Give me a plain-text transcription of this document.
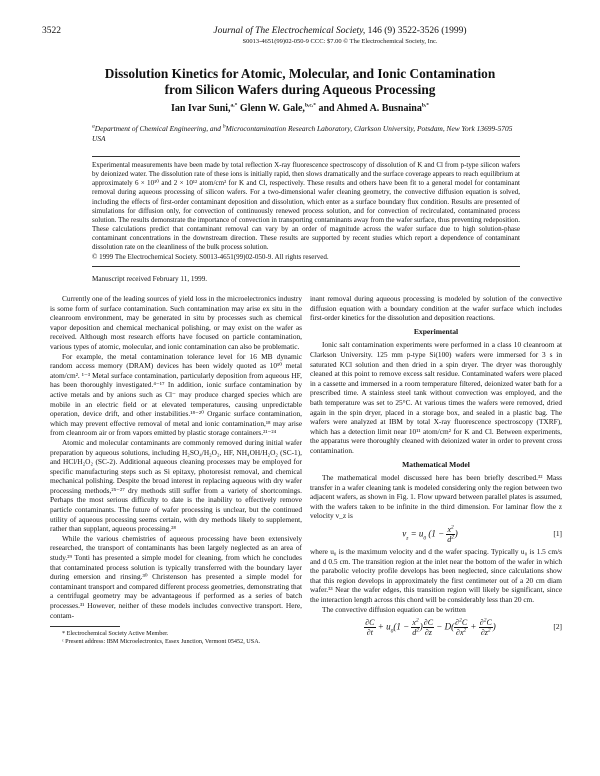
3522	Journal of The Electrochemical Society, 146 (9) 3522-3526 (1999)
S0013-4651(99)02-050-9 CCC: $7.00 © The Electrochemical Society, Inc.
Dissolution Kinetics for Atomic, Molecular, and Ionic Contamination
from Silicon Wafers during Aqueous Processing
Ian Ivar Suni,$^{a,*}$ Glenn W. Gale,$^{b,c,*}$ and Ahmed A. Busnaina$^{b,*}$
$^a$Department of Chemical Engineering, and $^b$Microcontamination Research Laboratory, Clarkson University, Potsdam, New York 13699-5705 USA
Experimental measurements have been made by total reflection X-ray fluorescence spectroscopy of dissolution of K and Cl from p-type silicon wafers by deionized water. The dissolution rate of these ions is initially rapid, then slows dramatically and the surface coverage appears to reach equilibrium at approximately 6 × 10¹⁰ and 2 × 10¹² atom/cm² for K and Cl, respectively. These results and others have been fit to a general model for contaminant removal during aqueous processing of silicon wafers. For a two-dimensional wafer cleaning geometry, the convective diffusion equation is solved, including the effects of first-order contaminant deposition and dissolution, which enter as a surface boundary flux condition. Results are presented of simulations for diffusion only, for convection of continuously renewed process solution, and for convection of recirculated, contaminated process solution. The results demonstrate the importance of convection in transporting contaminants away from the wafer surface, thus preventing redeposition. These calculations predict that contaminant removal can vary by an order of magnitude across the wafer surface due to high solution-phase contaminant concentrations in the downstream direction. These results are supported by recent studies which report a dependence of contaminant dissolution rate on the cleanliness of the bulk process solution.
© 1999 The Electrochemical Society. S0013-4651(99)02-050-9. All rights reserved.
Manuscript received February 11, 1999.

Currently one of the leading sources of yield loss in the microelectronics industry is some form of surface contamination. Such contamination may arise ex situ in the cleanroom environment, may be generated in situ by processes such as chemical vapor deposition and chemical mechanical polishing, or may exist on the wafer as received. Although most research efforts have focused on particle contamination, various types of atomic, molecular, and ionic contamination can also be problematic.

For example, the metal contamination tolerance level for 16 MB dynamic random access memory (DRAM) devices has been widely quoted as 10¹⁰ metal atom/cm². ¹⁻³ Metal surface contamination, particularly deposition from aqueous HF, has been thoroughly investigated.⁴⁻¹⁷ In addition, ionic surface contamination by active metals and by anions such as Cl⁻ may produce charged species which are mobile in an electric field or at elevated temperatures, causing unpredictable operation, device drift, and other instabilities.¹⁸⁻²⁰ Organic surface contamination, which may prevent effective removal of metal and ionic contamination,¹⁸ may arise from cleanroom air or from vapors emitted by plastic storage containers.²¹⁻²⁴

Atomic and molecular contaminants are commonly removed during initial wafer preparation by aqueous solutions, including H₂SO₄/H₂O₂, HF, NH₄OH/H₂O₂ (SC-1), and HCl/H₂O₂ (SC-2). Additional aqueous cleaning processes may be employed for specific manufacturing steps such as Si epitaxy, photoresist removal, and chemical mechanical polishing. Despite the broad interest in replacing aqueous with dry wafer processing methods,²⁵⁻²⁷ dry methods still suffer from a variety of shortcomings. Perhaps the most serious difficulty to date is the inability to effectively remove particle contaminants. The future of wafer processing is unclear, but the continued utility of aqueous processing seems certain, with dry methods likely to supplement, rather than supplant, aqueous processing.²⁸

While the various chemistries of aqueous processing have been extensively researched, the transport of contaminants has been largely neglected as an area of study.²⁹ Tonti has presented a simple model for cleaning, from which he concludes that contaminated process solution is typically transferred with the boundary layer during emersion and rinsing.³⁰ Christenson has presented a simple model for contaminant transport and compared different process geometries, demonstrating that a centrifugal geometry may be advantageous if performed as a series of batch processes.³¹ However, neither of these models includes convective transport. Here, contam-

* Electrochemical Society Active Member.

ᶜ Present address: IBM Microelectronics, Essex Junction, Vermont 05452, USA.

inant removal during aqueous processing is modeled by solution of the convective diffusion equation with a boundary condition at the wafer surface which includes first-order kinetics for the dissolution and deposition reactions.

Experimental

Ionic salt contamination experiments were performed in a class 10 cleanroom at Clarkson University. 125 mm p-type Si(100) wafers were immersed for 3 s in saturated KCl solution and then dried in a spin dryer. The dryer was thoroughly cleaned at this point to remove excess salt residue. Contaminated wafers were placed in a cassette and immersed in a room temperature filtered, deionized water bath for a prescribed time. A stainless steel tank without convection was employed, and the bath temperature was set to 25°C. At various times the wafers were removed, dried again in the spin dryer, placed in a storage box, and sealed in a plastic bag. The wafers were analyzed at IBM by total X-ray fluorescence spectroscopy (TXRF), which has a detection limit near 10¹¹ atom/cm² for K and Cl. Between experiments, the apparatus were thoroughly cleaned with deionized water in order to prevent cross contamination.

Mathematical Model

The mathematical model discussed here has been briefly described.³² Mass transfer in a wafer cleaning tank is modeled considering only the region between two adjacent wafers, as shown in Fig. 1. Flow upward between parallel plates is assumed, with the wafers taken to be infinite in the third dimension. For laminar flow the z velocity v_z is

$v_z = u_0$ ($1 - \frac{x^2}{d^2}$ )	[1]

where u₀ is the maximum velocity and d the wafer spacing. Typically u₀ is 1.5 cm/s and d 0.5 cm. The transition region at the inlet near the bottom of the wafer in which the parabolic velocity profile develops has been neglected, since calculations show that this region develops in approximately the first centimeter out of a 20 cm diam wafer.³³ Near the wafer edges, this transition region will likely be significant, since the interaction length across this chord will be considerably less than 20 cm.

The convective diffusion equation can be written

$\frac{\partial C}{\partial t} + u_0(1 - \frac{x^2}{d^2}$ ) $\frac{\partial C}{\partial z} - D( \frac{\partial^2C}{\partial x^2} + \frac{\partial^2C}{\partial z^2}$ )	[2]
